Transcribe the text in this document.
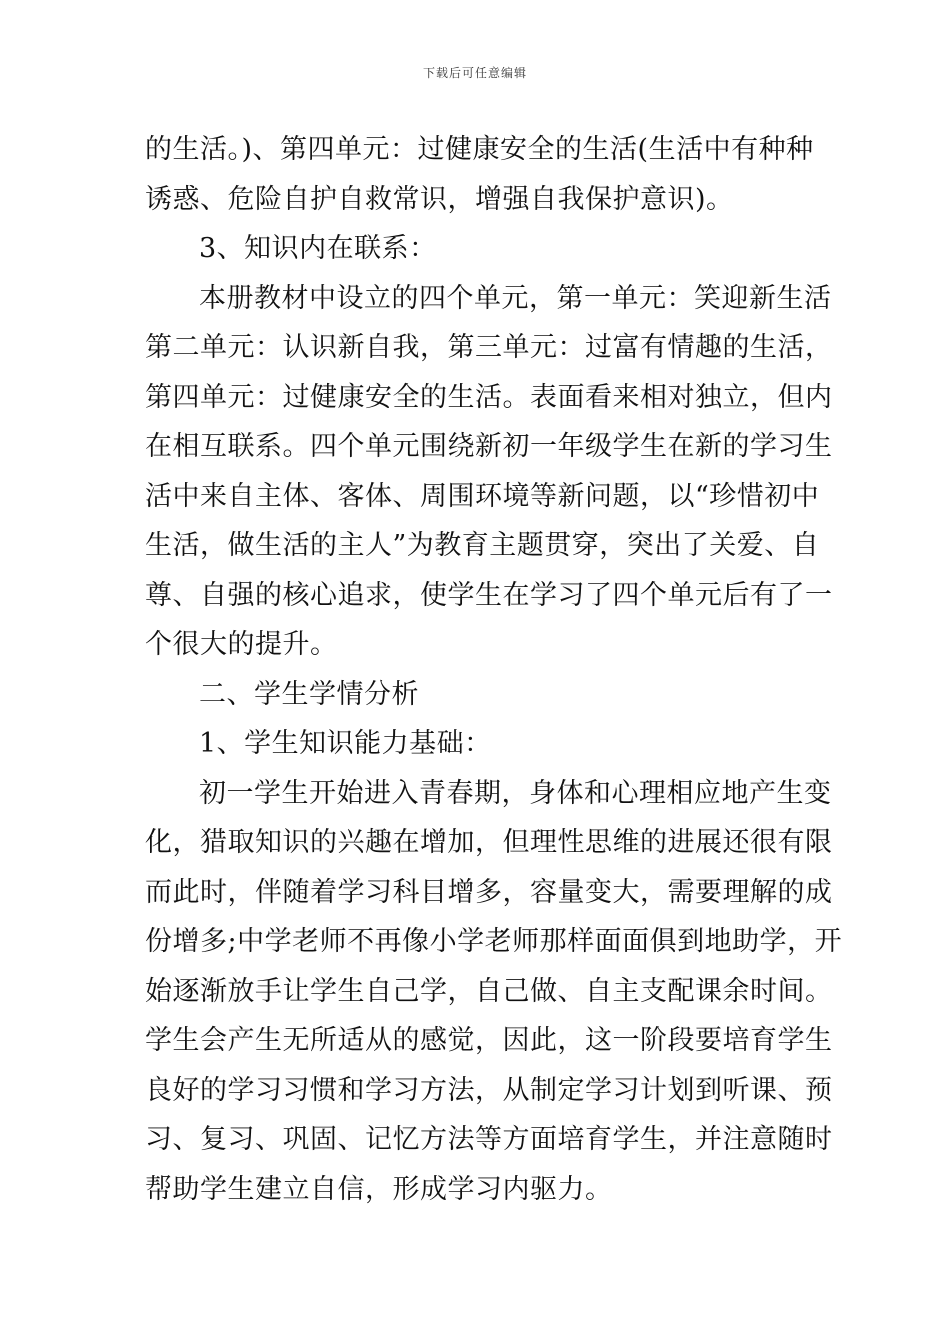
下载后可任意编辑
的生活。)、第四单元：过健康安全的生活(生活中有种种
诱惑、危险自护自救常识，增强自我保护意识)。
3、知识内在联系：
本册教材中设立的四个单元，第一单元：笑迎新生活
第二单元：认识新自我，第三单元：过富有情趣的生活，
第四单元：过健康安全的生活。表面看来相对独立，但内
在相互联系。四个单元围绕新初一年级学生在新的学习生
活中来自主体、客体、周围环境等新问题，以“珍惜初中
生活，做生活的主人”为教育主题贯穿，突出了关爱、自
尊、自强的核心追求，使学生在学习了四个单元后有了一
个很大的提升。
二、学生学情分析
1、学生知识能力基础：
初一学生开始进入青春期，身体和心理相应地产生变
化，猎取知识的兴趣在增加，但理性思维的进展还很有限
而此时，伴随着学习科目增多，容量变大，需要理解的成
份增多;中学老师不再像小学老师那样面面俱到地助学，开
始逐渐放手让学生自己学，自己做、自主支配课余时间。
学生会产生无所适从的感觉，因此，这一阶段要培育学生
良好的学习习惯和学习方法，从制定学习计划到听课、预
习、复习、巩固、记忆方法等方面培育学生，并注意随时
帮助学生建立自信，形成学习内驱力。
